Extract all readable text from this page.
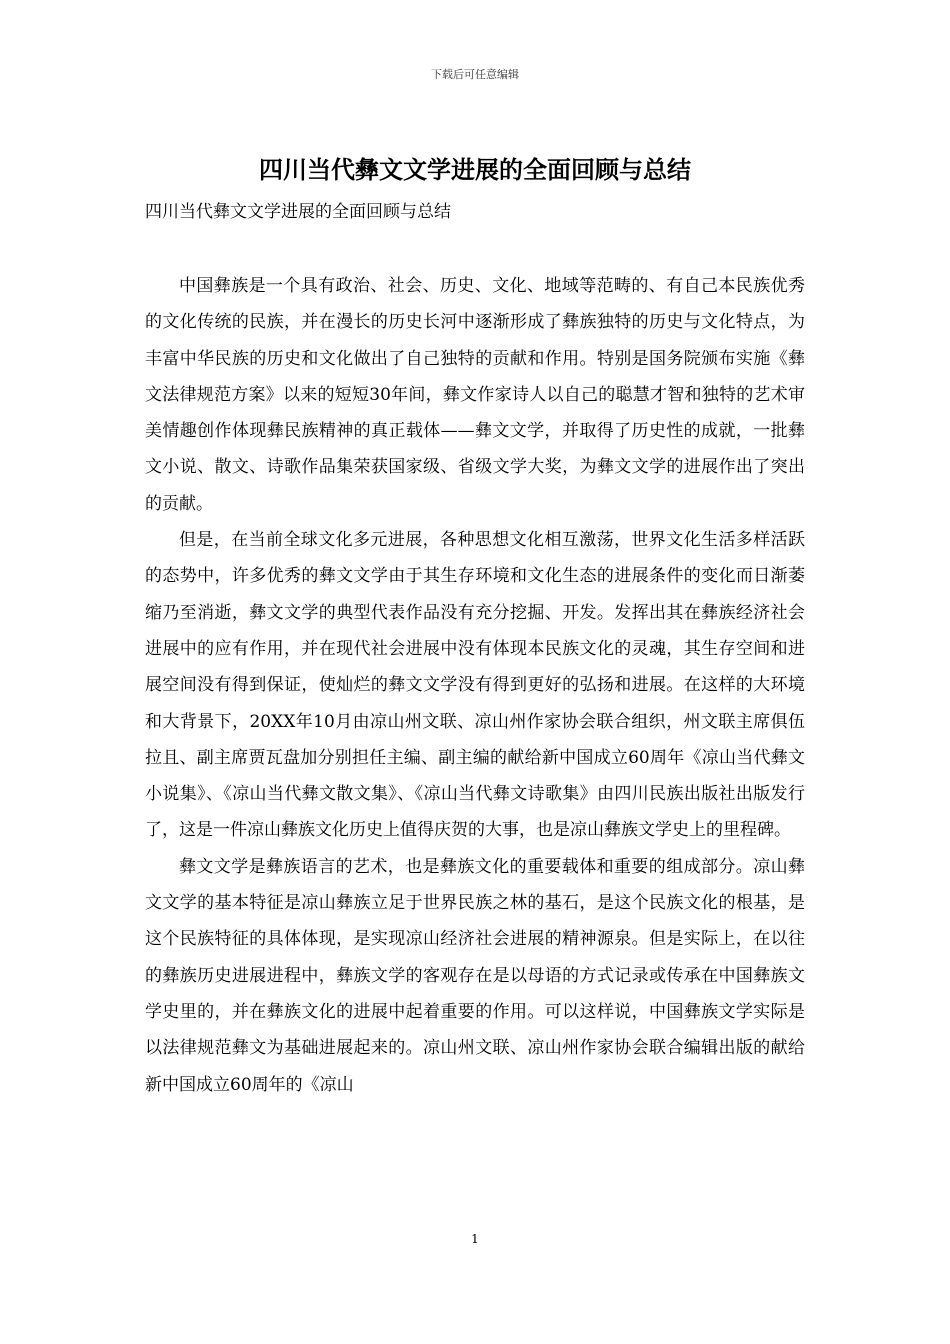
下载后可任意编辑
四川当代彝文文学进展的全面回顾与总结

四川当代彝文文学进展的全面回顾与总结

中国彝族是一个具有政治、社会、历史、文化、地域等范畴的、有自己本民族优秀的文化传统的民族，并在漫长的历史长河中逐渐形成了彝族独特的历史与文化特点，为丰富中华民族的历史和文化做出了自己独特的贡献和作用。特别是国务院颁布实施《彝文法律规范方案》以来的短短30年间，彝文作家诗人以自己的聪慧才智和独特的艺术审美情趣创作体现彝民族精神的真正载体——彝文文学，并取得了历史性的成就，一批彝文小说、散文、诗歌作品集荣获国家级、省级文学大奖，为彝文文学的进展作出了突出的贡献。

但是，在当前全球文化多元进展，各种思想文化相互激荡，世界文化生活多样活跃的态势中，许多优秀的彝文文学由于其生存环境和文化生态的进展条件的变化而日渐萎缩乃至消逝，彝文文学的典型代表作品没有充分挖掘、开发。发挥出其在彝族经济社会进展中的应有作用，并在现代社会进展中没有体现本民族文化的灵魂，其生存空间和进展空间没有得到保证，使灿烂的彝文文学没有得到更好的弘扬和进展。在这样的大环境和大背景下，20XX年10月由凉山州文联、凉山州作家协会联合组织，州文联主席俱伍拉且、副主席贾瓦盘加分别担任主编、副主编的献给新中国成立60周年《凉山当代彝文小说集》、《凉山当代彝文散文集》、《凉山当代彝文诗歌集》由四川民族出版社出版发行了，这是一件凉山彝族文化历史上值得庆贺的大事，也是凉山彝族文学史上的里程碑。

彝文文学是彝族语言的艺术，也是彝族文化的重要载体和重要的组成部分。凉山彝文文学的基本特征是凉山彝族立足于世界民族之林的基石，是这个民族文化的根基，是这个民族特征的具体体现，是实现凉山经济社会进展的精神源泉。但是实际上，在以往的彝族历史进展进程中，彝族文学的客观存在是以母语的方式记录或传承在中国彝族文学史里的，并在彝族文化的进展中起着重要的作用。可以这样说，中国彝族文学实际是以法律规范彝文为基础进展起来的。凉山州文联、凉山州作家协会联合编辑出版的献给新中国成立60周年的《凉山

1
